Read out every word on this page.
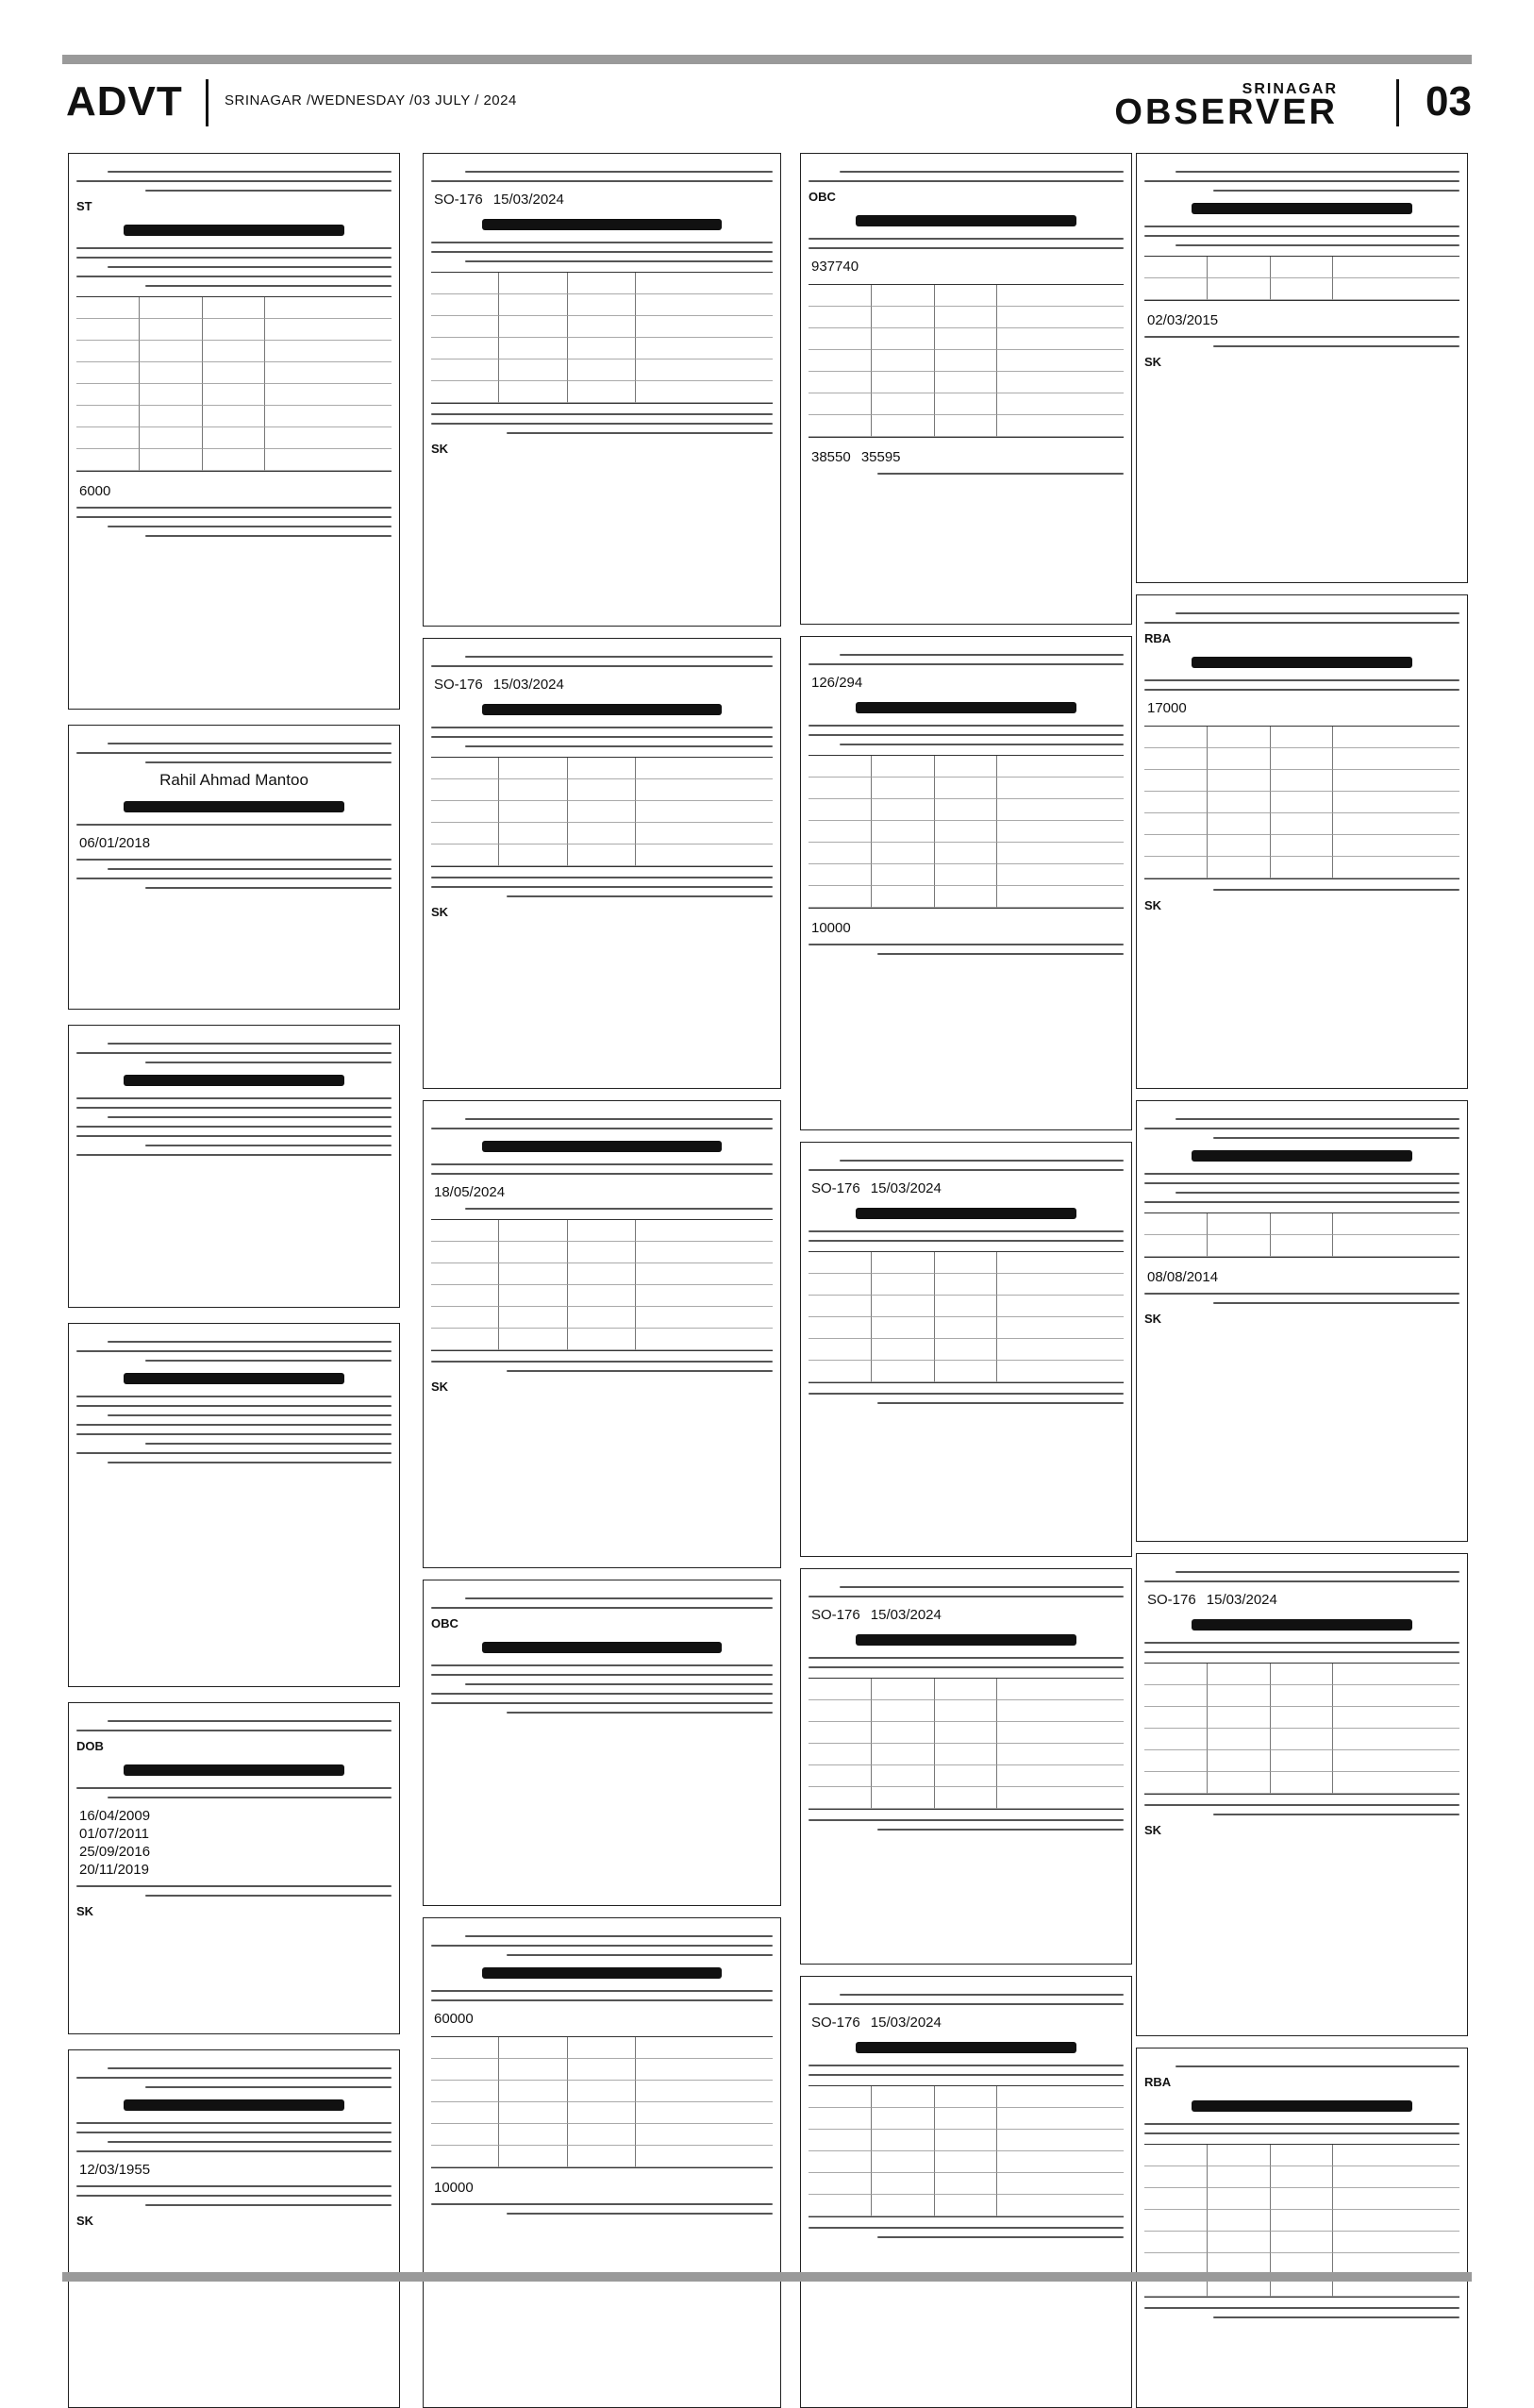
ADVT	SRINAGAR /WEDNESDAY /03 JULY / 2024
SRINAGAR
OBSERVER 03
ST
6000
Rahil Ahmad Mantoo
06/01/2018
DOB
16/04/2009
01/07/2011
25/09/2016
20/11/2019
SK
12/03/1955
SK
SO-176 15/03/2024
SK
SO-176 15/03/2024
SK
18/05/2024
SK
OBC
60000
10000
OBC
937740
38550 35595
126/294
10000
SO-176 15/03/2024
SO-176 15/03/2024
SO-176 15/03/2024
02/03/2015
SK
RBA
17000
SK
08/08/2014
SK
SO-176 15/03/2024
SK
RBA
